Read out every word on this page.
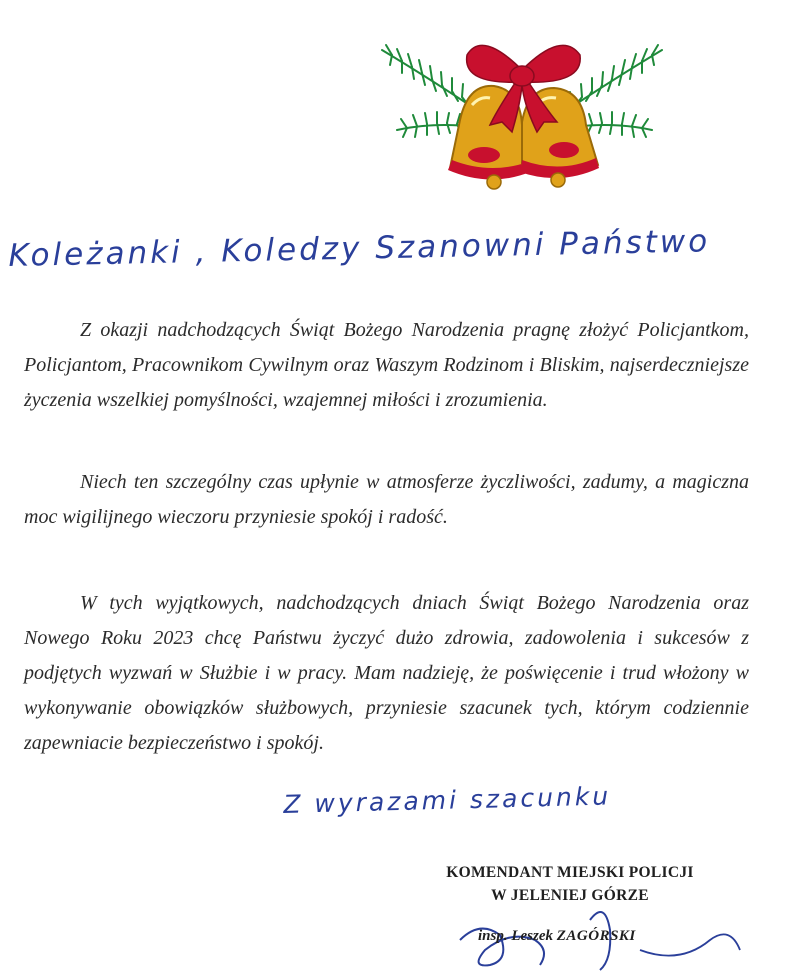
Koleżanki , Koledzy Szanowni Państwo

Z okazji nadchodzących Świąt Bożego Narodzenia pragnę złożyć Policjantkom, Policjantom, Pracownikom Cywilnym oraz Waszym Rodzinom i Bliskim, najserdeczniejsze życzenia wszelkiej pomyślności, wzajemnej miłości i zrozumienia.

Niech ten szczególny czas upłynie w atmosferze życzliwości, zadumy, a magiczna moc wigilijnego wieczoru przyniesie spokój i radość.

W tych wyjątkowych, nadchodzących dniach Świąt Bożego Narodzenia oraz Nowego Roku 2023 chcę Państwu życzyć dużo zdrowia, zadowolenia i sukcesów z podjętych wyzwań w Służbie i w pracy. Mam nadzieję, że poświęcenie i trud włożony w wykonywanie obowiązków służbowych, przyniesie szacunek tych, którym codziennie zapewniacie bezpieczeństwo i spokój.

Z wyrazami szacunku
KOMENDANT MIEJSKI POLICJI
W JELENIEJ GÓRZE
insp. Leszek ZAGÓRSKI
